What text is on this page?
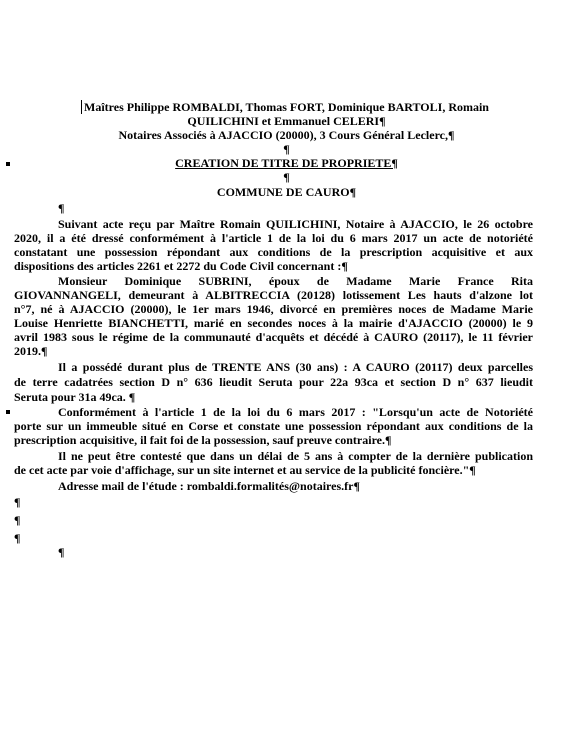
Maîtres Philippe ROMBALDI, Thomas FORT, Dominique BARTOLI, Romain
QUILICHINI et Emmanuel CELERI¶
Notaires Associés à AJACCIO (20000), 3 Cours Général Leclerc,¶
¶
CREATION DE TITRE DE PROPRIETE¶
¶
COMMUNE DE CAURO¶
¶
Suivant acte reçu par Maître Romain QUILICHINI, Notaire à AJACCIO, le 26 octobre
2020, il a été dressé conformément à l'article 1 de la loi du 6 mars 2017 un acte de notoriété
constatant une possession répondant aux conditions de la prescription acquisitive et aux
dispositions des articles 2261 et 2272 du Code Civil concernant :¶
Monsieur Dominique SUBRINI, époux de Madame Marie France Rita
GIOVANNANGELI, demeurant à ALBITRECCIA (20128) lotissement Les hauts d'alzone lot
n°7, né à AJACCIO (20000), le 1er mars 1946, divorcé en premières noces de Madame Marie
Louise Henriette BIANCHETTI, marié en secondes noces à la mairie d'AJACCIO (20000) le 9
avril 1983 sous le régime de la communauté d'acquêts et décédé à CAURO (20117), le 11 février
2019.¶
Il a possédé durant plus de TRENTE ANS (30 ans) : A CAURO (20117) deux parcelles
de terre cadatrées section D n° 636 lieudit Seruta pour 22a 93ca et section D n° 637 lieudit
Seruta pour 31a 49ca. ¶
Conformément à l'article 1 de la loi du 6 mars 2017 : "Lorsqu'un acte de Notoriété
porte sur un immeuble situé en Corse et constate une possession répondant aux conditions de la
prescription acquisitive, il fait foi de la possession, sauf preuve contraire.¶
Il ne peut être contesté que dans un délai de 5 ans à compter de la dernière publication
de cet acte par voie d'affichage, sur un site internet et au service de la publicité foncière."¶
Adresse mail de l'étude : rombaldi.formalités@notaires.fr¶
¶
¶
¶
¶
